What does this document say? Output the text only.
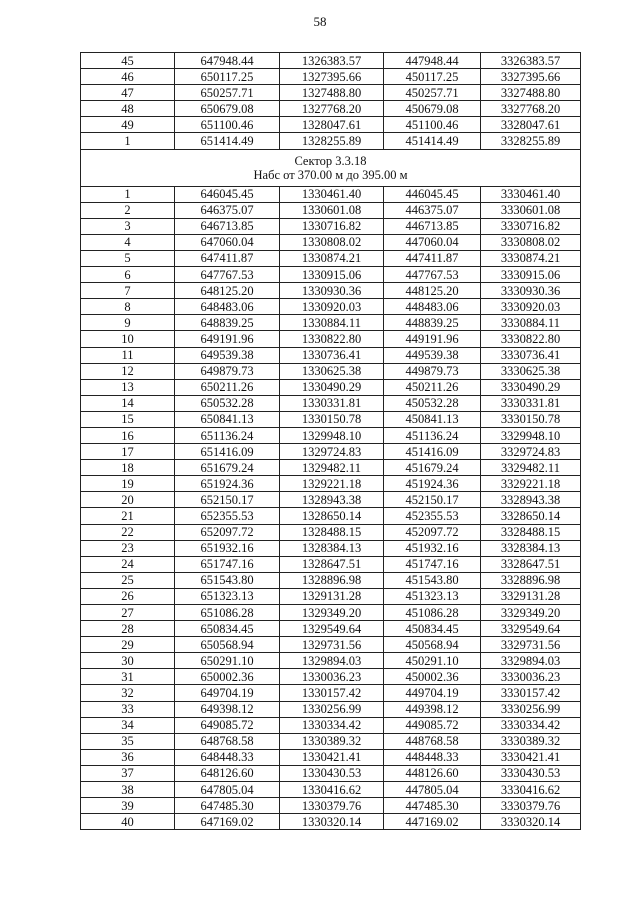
58
45	647948.44	1326383.57	447948.44	3326383.57
46	650117.25	1327395.66	450117.25	3327395.66
47	650257.71	1327488.80	450257.71	3327488.80
48	650679.08	1327768.20	450679.08	3327768.20
49	651100.46	1328047.61	451100.46	3328047.61
1	651414.49	1328255.89	451414.49	3328255.89

Сектор 3.3.18
Набс от 370.00 м до 395.00 м				

1	646045.45	1330461.40	446045.45	3330461.40
2	646375.07	1330601.08	446375.07	3330601.08
3	646713.85	1330716.82	446713.85	3330716.82
4	647060.04	1330808.02	447060.04	3330808.02
5	647411.87	1330874.21	447411.87	3330874.21
6	647767.53	1330915.06	447767.53	3330915.06
7	648125.20	1330930.36	448125.20	3330930.36
8	648483.06	1330920.03	448483.06	3330920.03
9	648839.25	1330884.11	448839.25	3330884.11
10	649191.96	1330822.80	449191.96	3330822.80
11	649539.38	1330736.41	449539.38	3330736.41
12	649879.73	1330625.38	449879.73	3330625.38
13	650211.26	1330490.29	450211.26	3330490.29
14	650532.28	1330331.81	450532.28	3330331.81
15	650841.13	1330150.78	450841.13	3330150.78
16	651136.24	1329948.10	451136.24	3329948.10
17	651416.09	1329724.83	451416.09	3329724.83
18	651679.24	1329482.11	451679.24	3329482.11
19	651924.36	1329221.18	451924.36	3329221.18
20	652150.17	1328943.38	452150.17	3328943.38
21	652355.53	1328650.14	452355.53	3328650.14
22	652097.72	1328488.15	452097.72	3328488.15
23	651932.16	1328384.13	451932.16	3328384.13
24	651747.16	1328647.51	451747.16	3328647.51
25	651543.80	1328896.98	451543.80	3328896.98
26	651323.13	1329131.28	451323.13	3329131.28
27	651086.28	1329349.20	451086.28	3329349.20
28	650834.45	1329549.64	450834.45	3329549.64
29	650568.94	1329731.56	450568.94	3329731.56
30	650291.10	1329894.03	450291.10	3329894.03
31	650002.36	1330036.23	450002.36	3330036.23
32	649704.19	1330157.42	449704.19	3330157.42
33	649398.12	1330256.99	449398.12	3330256.99
34	649085.72	1330334.42	449085.72	3330334.42
35	648768.58	1330389.32	448768.58	3330389.32
36	648448.33	1330421.41	448448.33	3330421.41
37	648126.60	1330430.53	448126.60	3330430.53
38	647805.04	1330416.62	447805.04	3330416.62
39	647485.30	1330379.76	447485.30	3330379.76
40	647169.02	1330320.14	447169.02	3330320.14
